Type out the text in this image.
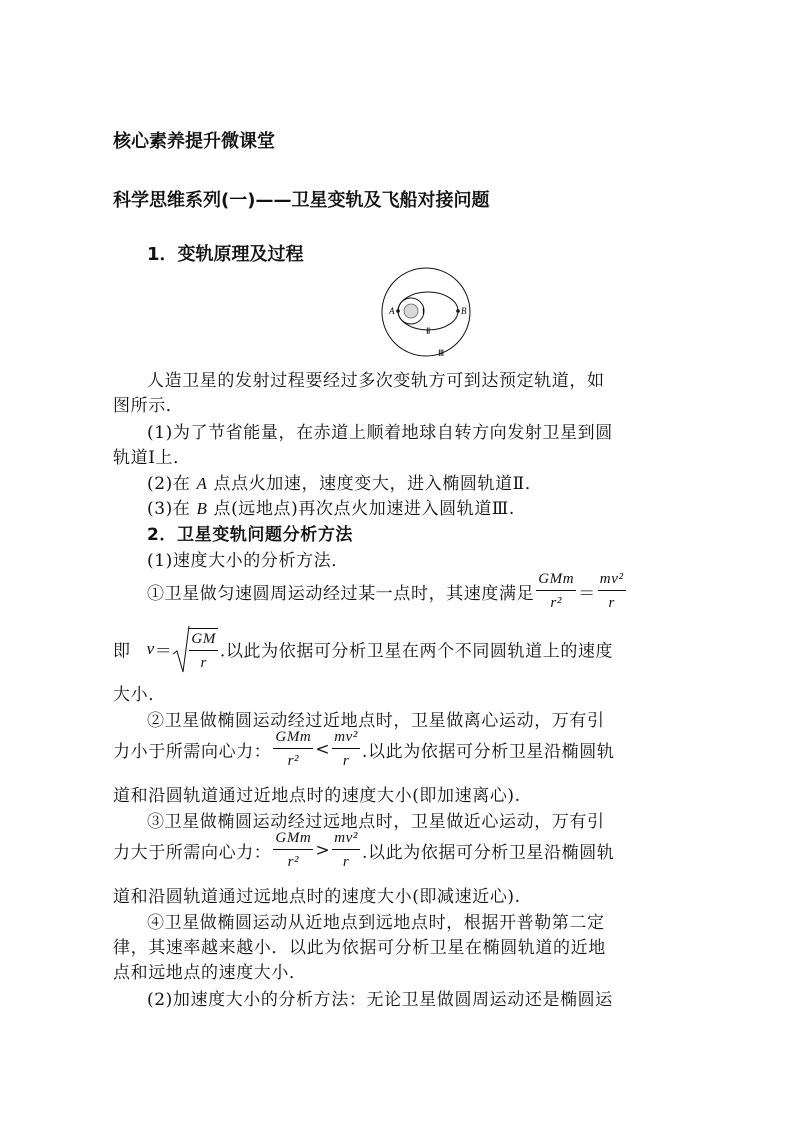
核心素养提升微课堂
科学思维系列(一)——卫星变轨及飞船对接问题
1．变轨原理及过程
A	B
Ⅰ
Ⅱ
Ⅲ
人造卫星的发射过程要经过多次变轨方可到达预定轨道，如
图所示．
(1)为了节省能量，在赤道上顺着地球自转方向发射卫星到圆
轨道Ⅰ上．
(2)在 A 点点火加速，速度变大，进入椭圆轨道Ⅱ．
(3)在 B 点(远地点)再次点火加速进入圆轨道Ⅲ.
2．卫星变轨问题分析方法
(1)速度大小的分析方法．
①卫星做匀速圆周运动经过某一点时，其速度满足 $\frac{\text{GMm}}{\text{r²}} = \frac{\text{mv²}}{r}$
即 $v= \frac{GM}{r}$ .以此为依据可分析卫星在两个不同圆轨道上的速度
大小．
②卫星做椭圆运动经过近地点时，卫星做离心运动，万有引
力小于所需向心力： $\frac{\text{GMm}}{\text{r²}} < \frac{\text{mv²}}{r}$ .以此为依据可分析卫星沿椭圆轨
道和沿圆轨道通过近地点时的速度大小(即加速离心).
③卫星做椭圆运动经过远地点时，卫星做近心运动，万有引
力大于所需向心力： $\frac{\text{GMm}}{\text{r²}} > \frac{\text{mv²}}{r}$ .以此为依据可分析卫星沿椭圆轨
道和沿圆轨道通过远地点时的速度大小(即减速近心).
④卫星做椭圆运动从近地点到远地点时，根据开普勒第二定
律，其速率越来越小．以此为依据可分析卫星在椭圆轨道的近地
点和远地点的速度大小．
(2)加速度大小的分析方法：无论卫星做圆周运动还是椭圆运
